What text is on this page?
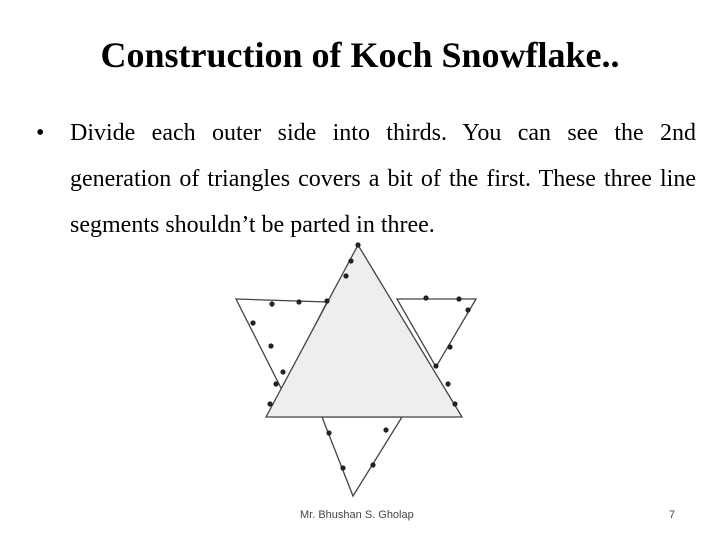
Construction of Koch Snowflake..
• Divide each outer side into thirds. You can see the 2nd generation of triangles covers a bit of the first. These three line segments shouldn’t be parted in three.
Mr. Bhushan S. Gholap	7
